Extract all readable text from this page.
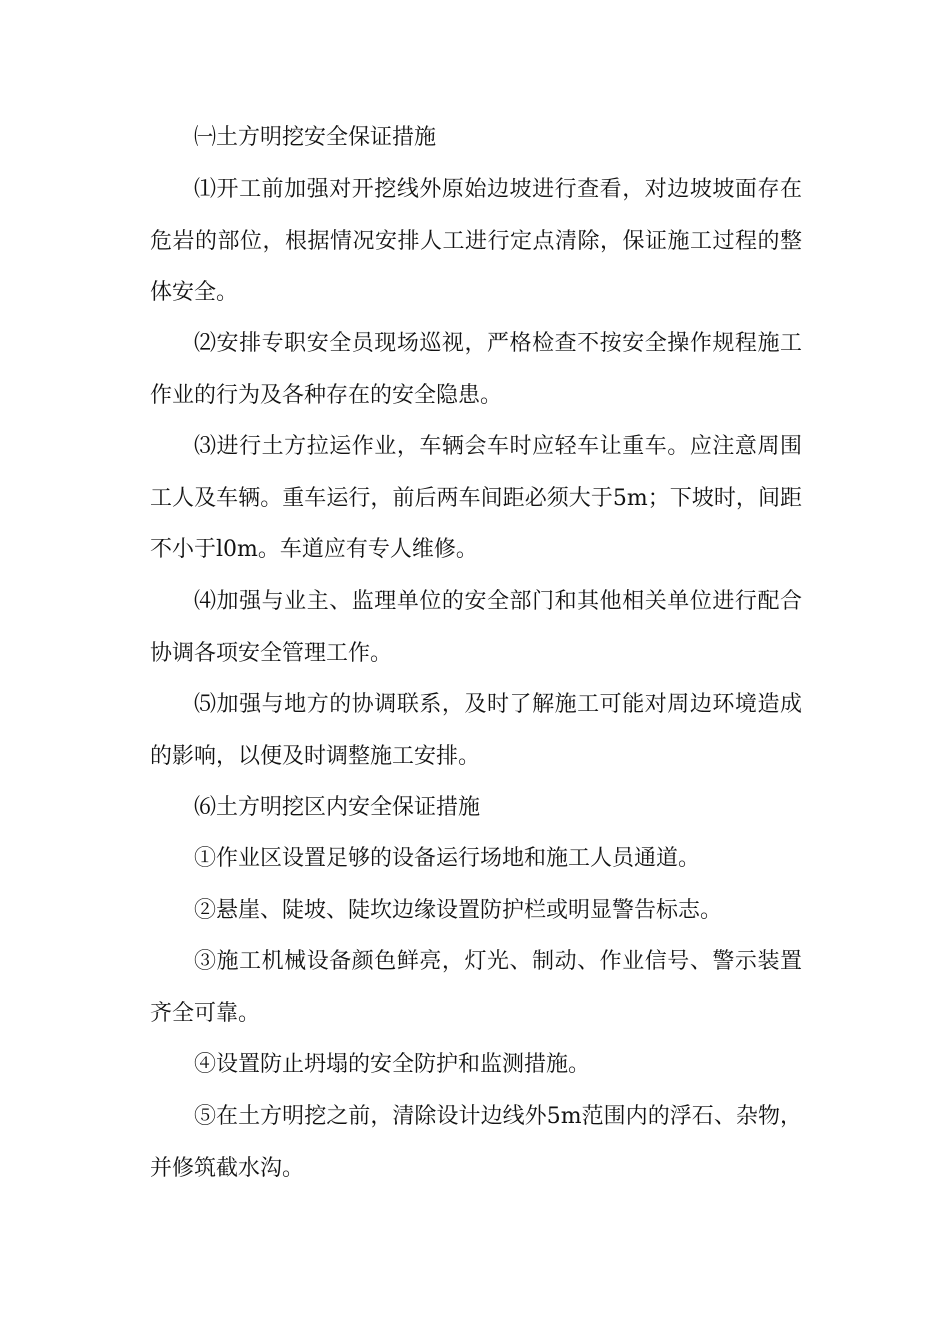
㈠土方明挖安全保证措施

⑴开工前加强对开挖线外原始边坡进行查看，对边坡坡面存在危岩的部位，根据情况安排人工进行定点清除，保证施工过程的整体安全。

⑵安排专职安全员现场巡视，严格检查不按安全操作规程施工作业的行为及各种存在的安全隐患。

⑶进行土方拉运作业，车辆会车时应轻车让重车。应注意周围工人及车辆。重车运行，前后两车间距必须大于5m；下坡时，间距不小于l0m。车道应有专人维修。

⑷加强与业主、监理单位的安全部门和其他相关单位进行配合协调各项安全管理工作。

⑸加强与地方的协调联系，及时了解施工可能对周边环境造成的影响，以便及时调整施工安排。

⑹土方明挖区内安全保证措施

①作业区设置足够的设备运行场地和施工人员通道。

②悬崖、陡坡、陡坎边缘设置防护栏或明显警告标志。

③施工机械设备颜色鲜亮，灯光、制动、作业信号、警示装置齐全可靠。

④设置防止坍塌的安全防护和监测措施。

⑤在土方明挖之前，清除设计边线外5m范围内的浮石、杂物，并修筑截水沟。
